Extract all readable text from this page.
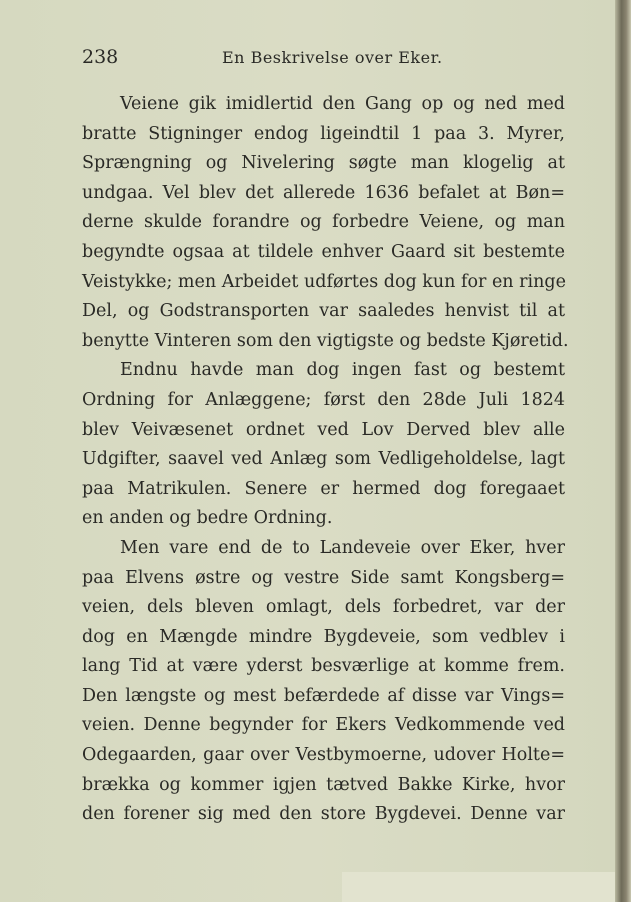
238	En Beskrivelse over Eker.
Veiene gik imidlertid den Gang op og ned med
bratte Stigninger endog ligeindtil 1 paa 3. Myrer,
Sprængning og Nivelering søgte man klogelig at
undgaa. Vel blev det allerede 1636 befalet at Bøn=
derne skulde forandre og forbedre Veiene, og man
begyndte ogsaa at tildele enhver Gaard sit bestemte
Veistykke; men Arbeidet udførtes dog kun for en ringe
Del, og Godstransporten var saaledes henvist til at
benytte Vinteren som den vigtigste og bedste Kjøretid.
Endnu havde man dog ingen fast og bestemt
Ordning for Anlæggene; først den 28de Juli 1824
blev Veivæsenet ordnet ved Lov Derved blev alle
Udgifter, saavel ved Anlæg som Vedligeholdelse, lagt
paa Matrikulen. Senere er hermed dog foregaaet
en anden og bedre Ordning.
Men vare end de to Landeveie over Eker, hver
paa Elvens østre og vestre Side samt Kongsberg=
veien, dels bleven omlagt, dels forbedret, var der
dog en Mængde mindre Bygdeveie, som vedblev i
lang Tid at være yderst besværlige at komme frem.
Den længste og mest befærdede af disse var Vings=
veien. Denne begynder for Ekers Vedkommende ved
Odegaarden, gaar over Vestbymoerne, udover Holte=
brækka og kommer igjen tætved Bakke Kirke, hvor
den forener sig med den store Bygdevei. Denne var
